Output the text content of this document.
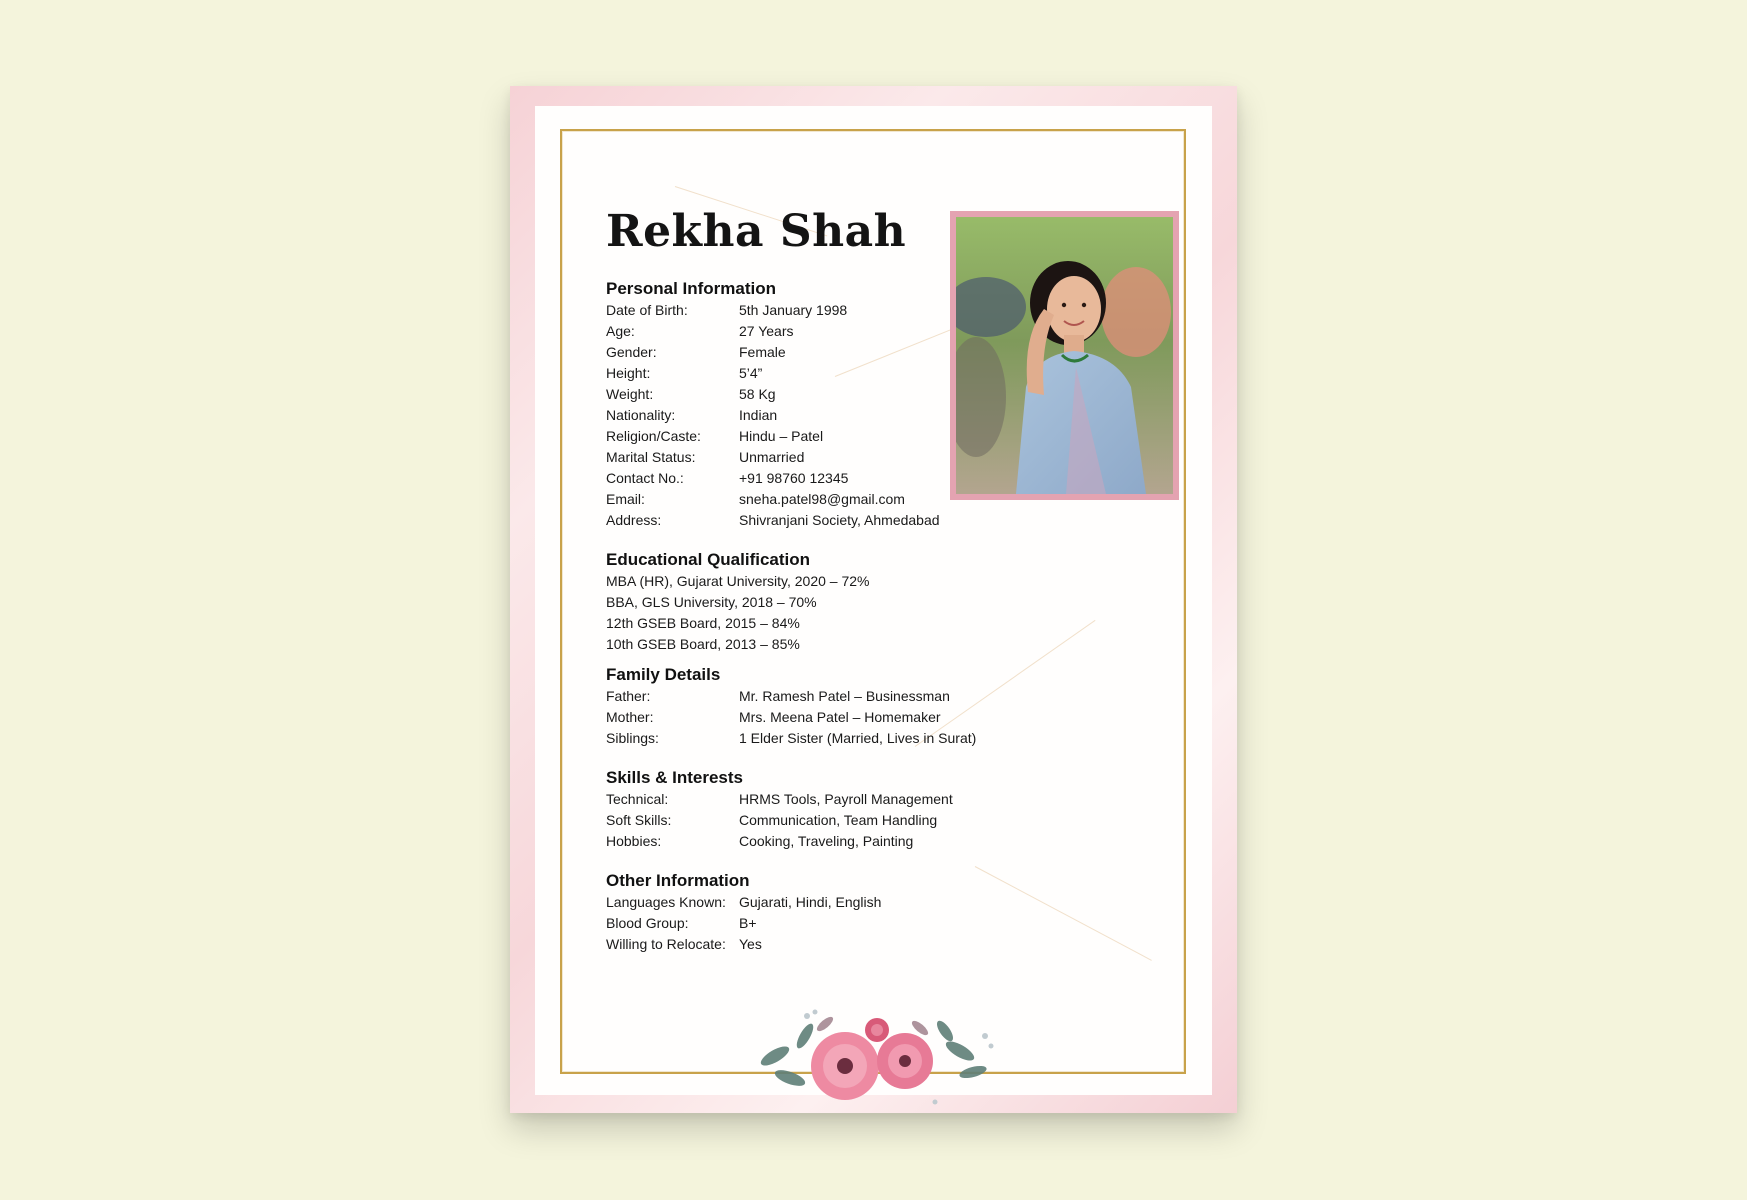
Rekha Shah
Personal Information
Date of Birth:	5th January 1998
Age:	27 Years
Gender:	Female
Height:	5’4”
Weight:	58 Kg
Nationality:	Indian
Religion/Caste:	Hindu – Patel
Marital Status:	Unmarried
Contact No.:	+91 98760 12345
Email:	sneha.patel98@gmail.com
Address:	Shivranjani Society, Ahmedabad
Educational Qualification
MBA (HR), Gujarat University, 2020 – 72%
BBA, GLS University, 2018 – 70%
12th GSEB Board, 2015 – 84%
10th GSEB Board, 2013 – 85%
Family Details
Father:	Mr. Ramesh Patel – Businessman
Mother:	Mrs. Meena Patel – Homemaker
Siblings:	1 Elder Sister (Married, Lives in Surat)
Skills & Interests
Technical:	HRMS Tools, Payroll Management
Soft Skills:	Communication, Team Handling
Hobbies:	Cooking, Traveling, Painting
Other Information
Languages Known: Gujarati, Hindi, English
Blood Group:	B+
Willing to Relocate: Yes
